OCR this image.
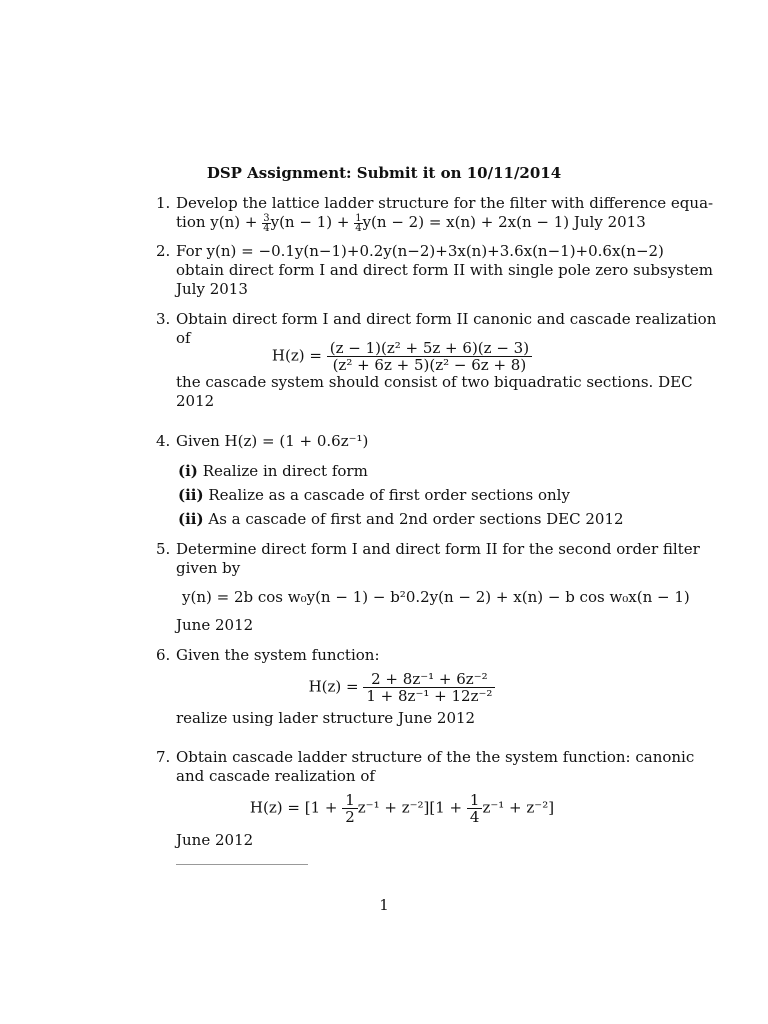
DSP Assignment: Submit it on 10/11/2014
1. Develop the lattice ladder structure for the filter with difference equa-
tion $y(n) + \frac{3}{4} y(n - 1) + \frac{1}{4} y(n - 2) = x(n) + 2x(n - 1)$ July 2013
2. For y(n) = −0.1y(n−1)+0.2y(n−2)+3x(n)+3.6x(n−1)+0.6x(n−2)
obtain direct form I and direct form II with single pole zero subsystem
July 2013
3. Obtain direct form I and direct form II canonic and cascade realization
of
$H(z) = \frac{\text{(z − 1)(z² + 5z + 6)(z − 3)}}{\text{(z² + 6z + 5)(z² − 6z + 8)}}$
the cascade system should consist of two biquadratic sections. DEC
2012
4. Given H(z) = (1 + 0.6z⁻¹)
(i) Realize in direct form
(ii) Realize as a cascade of first order sections only
(ii) As a cascade of first and 2nd order sections DEC 2012
5. Determine direct form I and direct form II for the second order filter
given by
y(n) = 2b cos w₀y(n − 1) − b²0.2y(n − 2) + x(n) − b cos w₀x(n − 1)
June 2012
6. Given the system function:
$H(z) = \frac{\text{2 + 8z⁻¹ + 6z⁻²}}{\text{1 + 8z⁻¹ + 12z⁻²}}$
realize using lader structure June 2012
7. Obtain cascade ladder structure of the the system function: canonic
and cascade realization of
$H(z) = [1 + \frac{1}{2} z^{-1} + z^{-2}][1 + \frac{1}{4} z^{-1} + z^{-2}]$
June 2012
1
